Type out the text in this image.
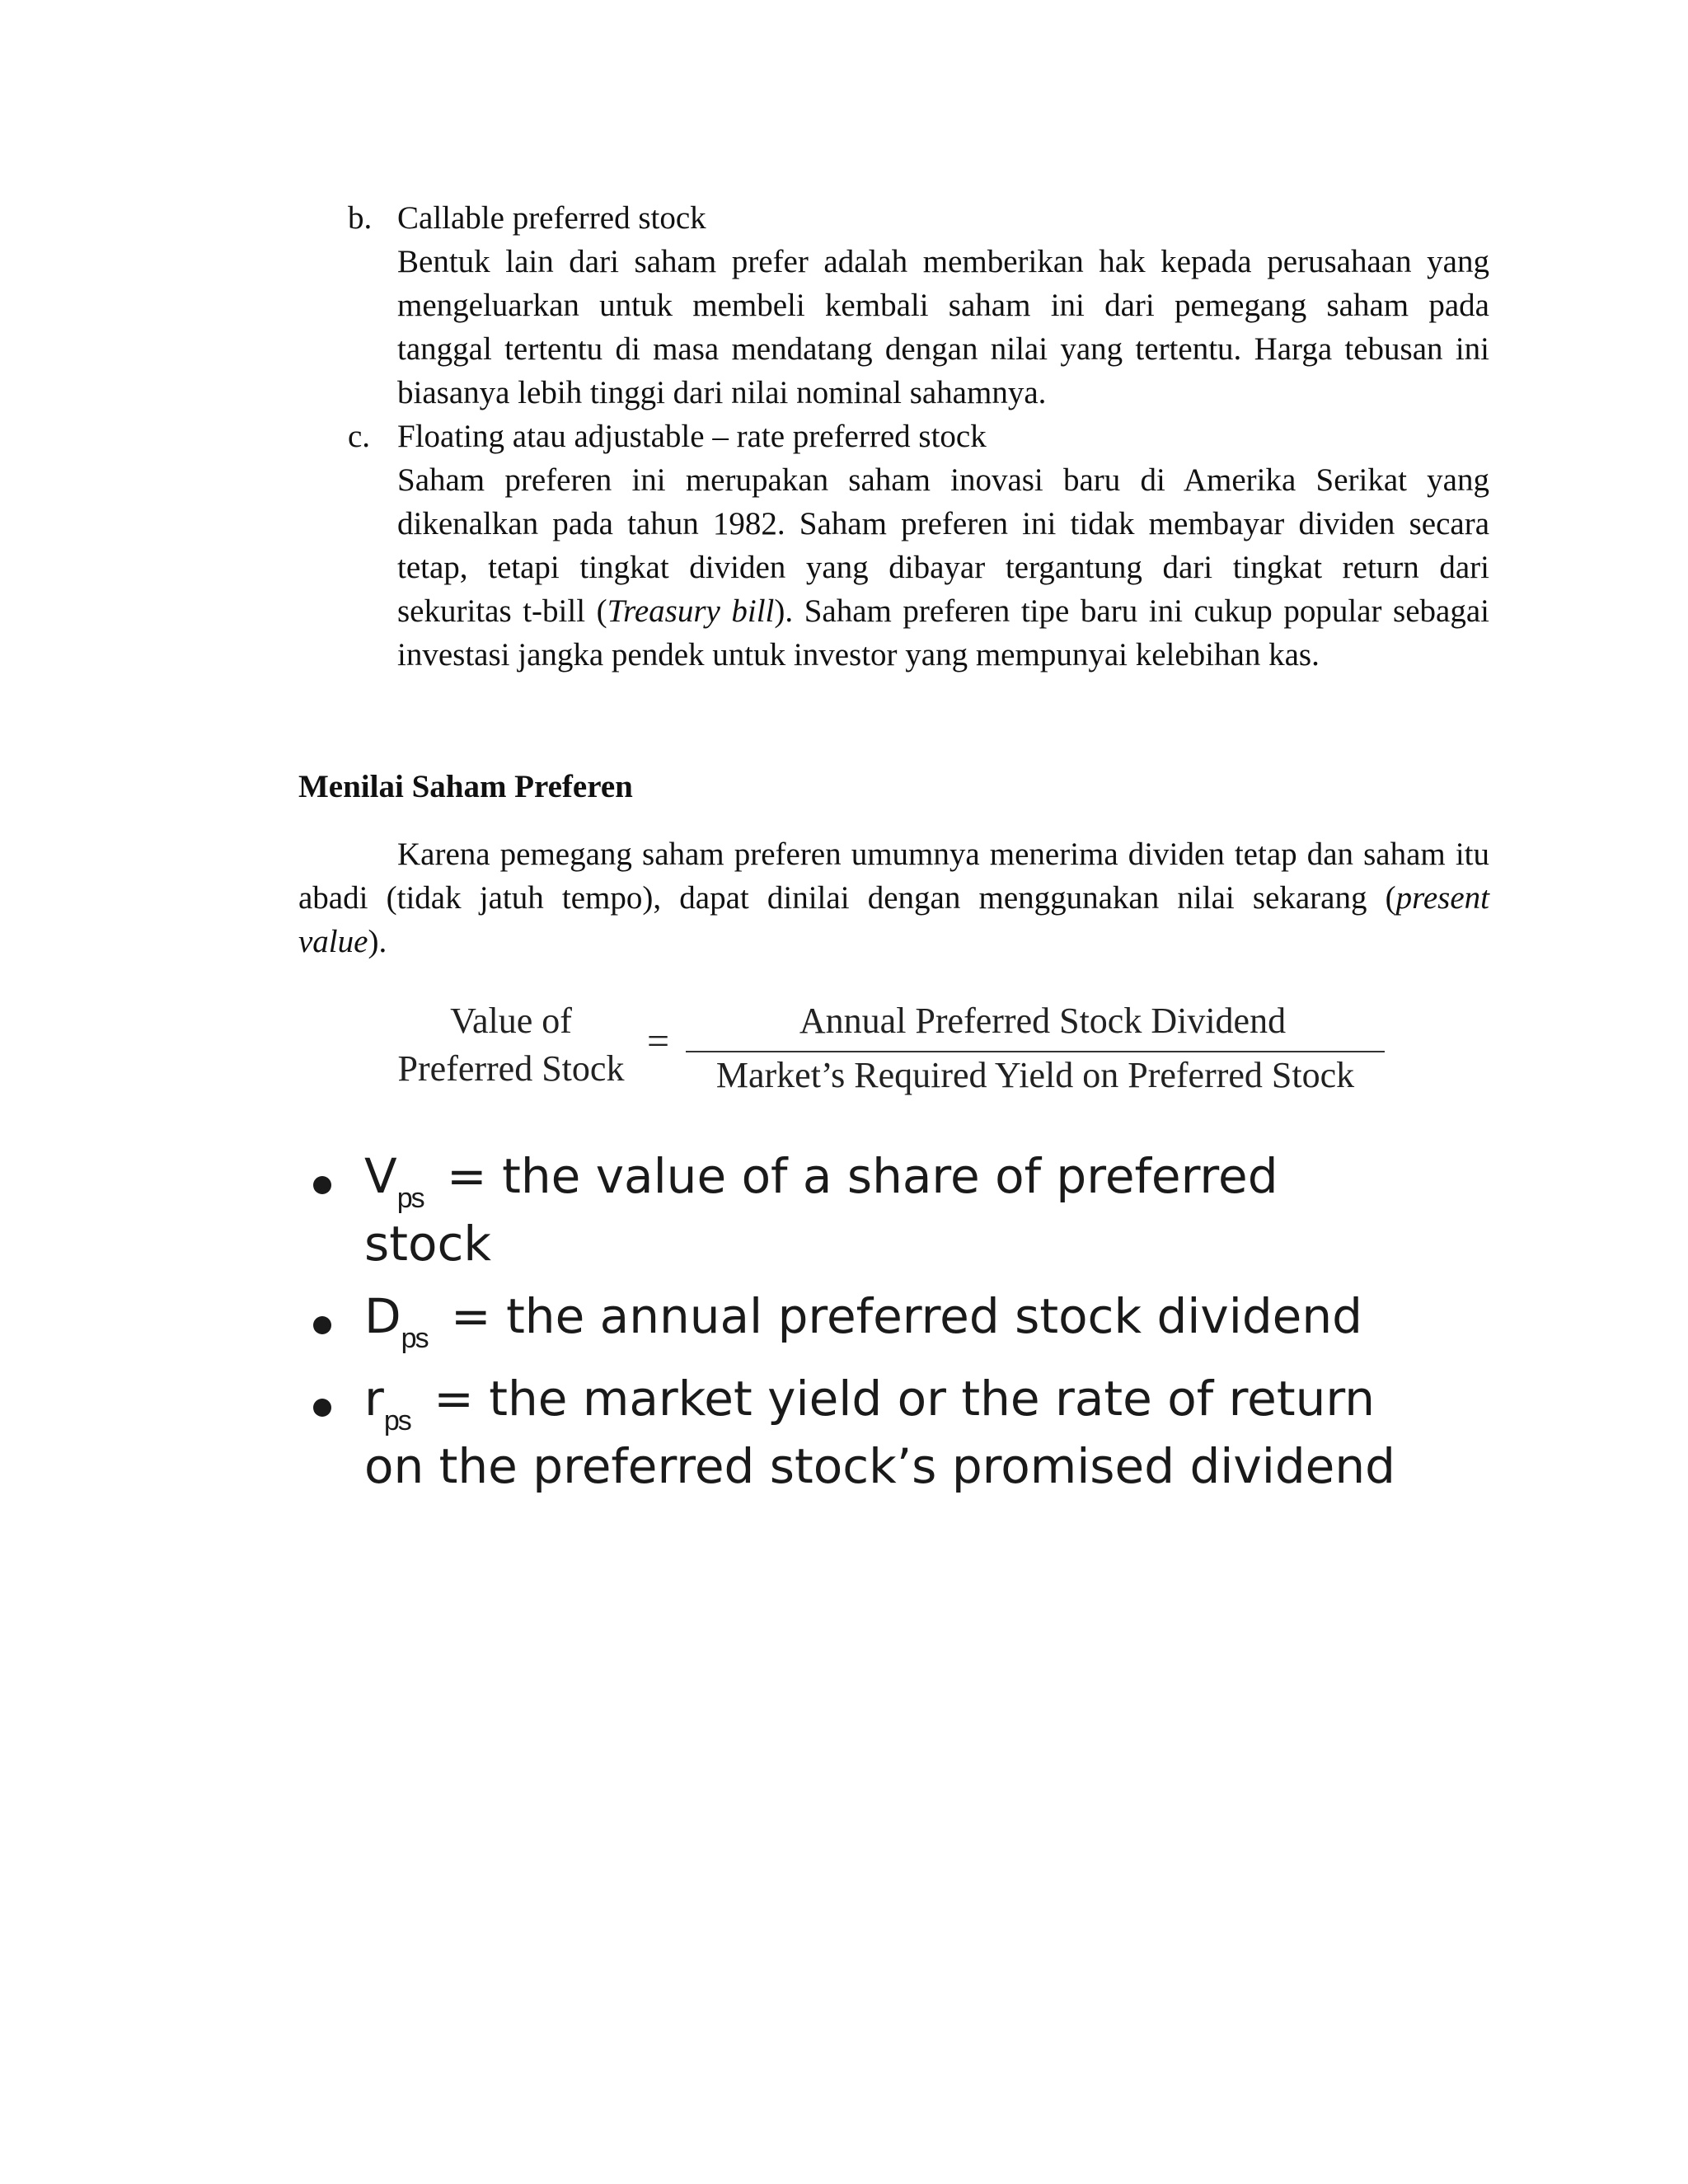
b. Callable preferred stock
Bentuk lain dari saham prefer adalah memberikan hak kepada perusahaan yang
mengeluarkan untuk membeli kembali saham ini dari pemegang saham pada
tanggal tertentu di masa mendatang dengan nilai yang tertentu. Harga tebusan ini
biasanya lebih tinggi dari nilai nominal sahamnya.
c. Floating atau adjustable – rate preferred stock
Saham preferen ini merupakan saham inovasi baru di Amerika Serikat yang
dikenalkan pada tahun 1982. Saham preferen ini tidak membayar dividen secara
tetap, tetapi tingkat dividen yang dibayar tergantung dari tingkat return dari
sekuritas t-bill (Treasury bill). Saham preferen tipe baru ini cukup popular sebagai
investasi jangka pendek untuk investor yang mempunyai kelebihan kas.
Menilai Saham Preferen
Karena pemegang saham preferen umumnya menerima dividen tetap dan saham itu
abadi (tidak jatuh tempo), dapat dinilai dengan menggunakan nilai sekarang (present
value).
Value of
Preferred Stock
=	Annual Preferred Stock Dividend
Market’s Required Yield on Preferred Stock
$V_{ps}$ = the value of a share of preferred
stock
$D_{ps}$ = the annual preferred stock dividend
$r_{ps}$ = the market yield or the rate of return
on the preferred stock’s promised dividend
